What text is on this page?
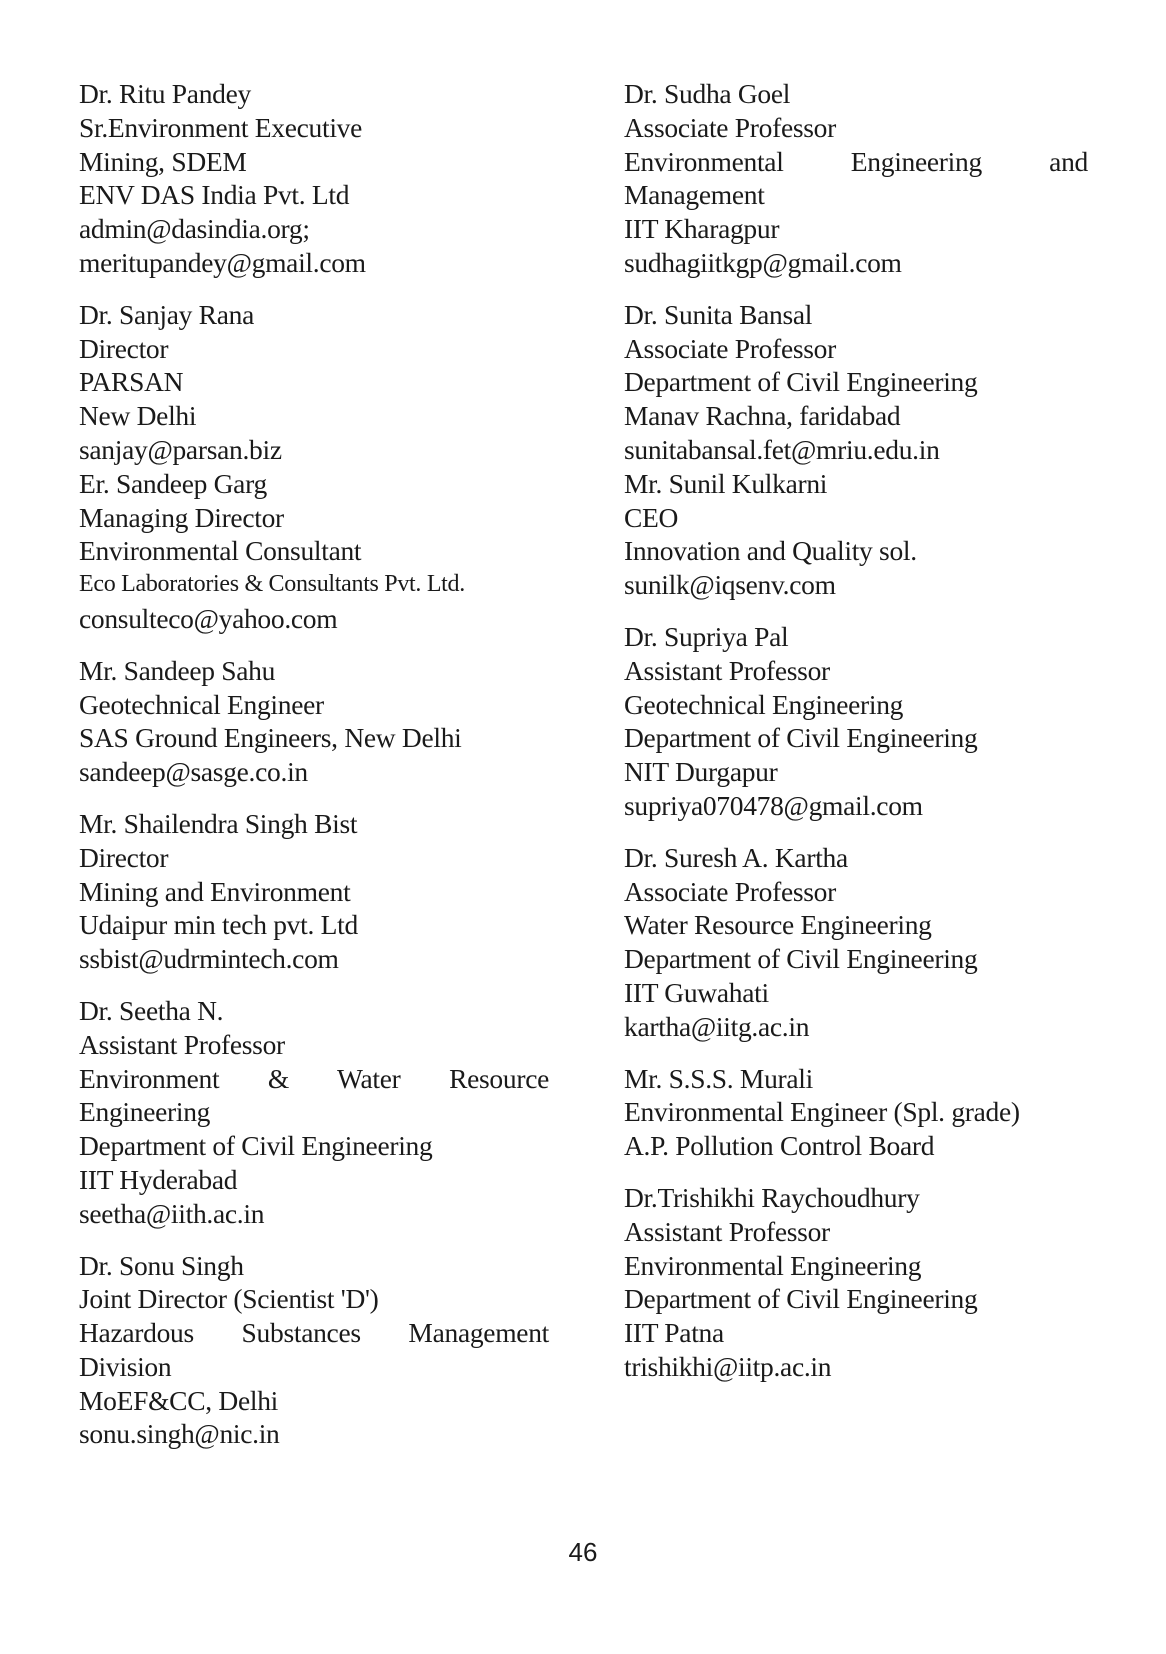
Dr. Ritu Pandey
Sr.Environment Executive
Mining, SDEM
ENV DAS India Pvt. Ltd
admin@dasindia.org;
meritupandey@gmail.com
Dr. Sanjay Rana
Director
PARSAN
New Delhi
sanjay@parsan.biz
Er. Sandeep Garg
Managing Director
Environmental Consultant
Eco Laboratories & Consultants Pvt. Ltd.
consulteco@yahoo.com
Mr. Sandeep Sahu
Geotechnical Engineer
SAS Ground Engineers, New Delhi
sandeep@sasge.co.in
Mr. Shailendra Singh Bist
Director
Mining and Environment
Udaipur min tech pvt. Ltd
ssbist@udrmintech.com
Dr. Seetha N.
Assistant Professor
Environment & Water Resource
Engineering
Department of Civil Engineering
IIT Hyderabad
seetha@iith.ac.in
Dr. Sonu Singh
Joint Director (Scientist 'D')
Hazardous Substances Management
Division
MoEF&CC, Delhi
sonu.singh@nic.in
Dr. Sudha Goel
Associate Professor
Environmental Engineering and
Management
IIT Kharagpur
sudhagiitkgp@gmail.com
Dr. Sunita Bansal
Associate Professor
Department of Civil Engineering
Manav Rachna, faridabad
sunitabansal.fet@mriu.edu.in
Mr. Sunil Kulkarni
CEO
Innovation and Quality sol.
sunilk@iqsenv.com
Dr. Supriya Pal
Assistant Professor
Geotechnical Engineering
Department of Civil Engineering
NIT Durgapur
supriya070478@gmail.com
Dr. Suresh A. Kartha
Associate Professor
Water Resource Engineering
Department of Civil Engineering
IIT Guwahati
kartha@iitg.ac.in
Mr. S.S.S. Murali
Environmental Engineer (Spl. grade)
A.P. Pollution Control Board
Dr.Trishikhi Raychoudhury
Assistant Professor
Environmental Engineering
Department of Civil Engineering
IIT Patna
trishikhi@iitp.ac.in
46
